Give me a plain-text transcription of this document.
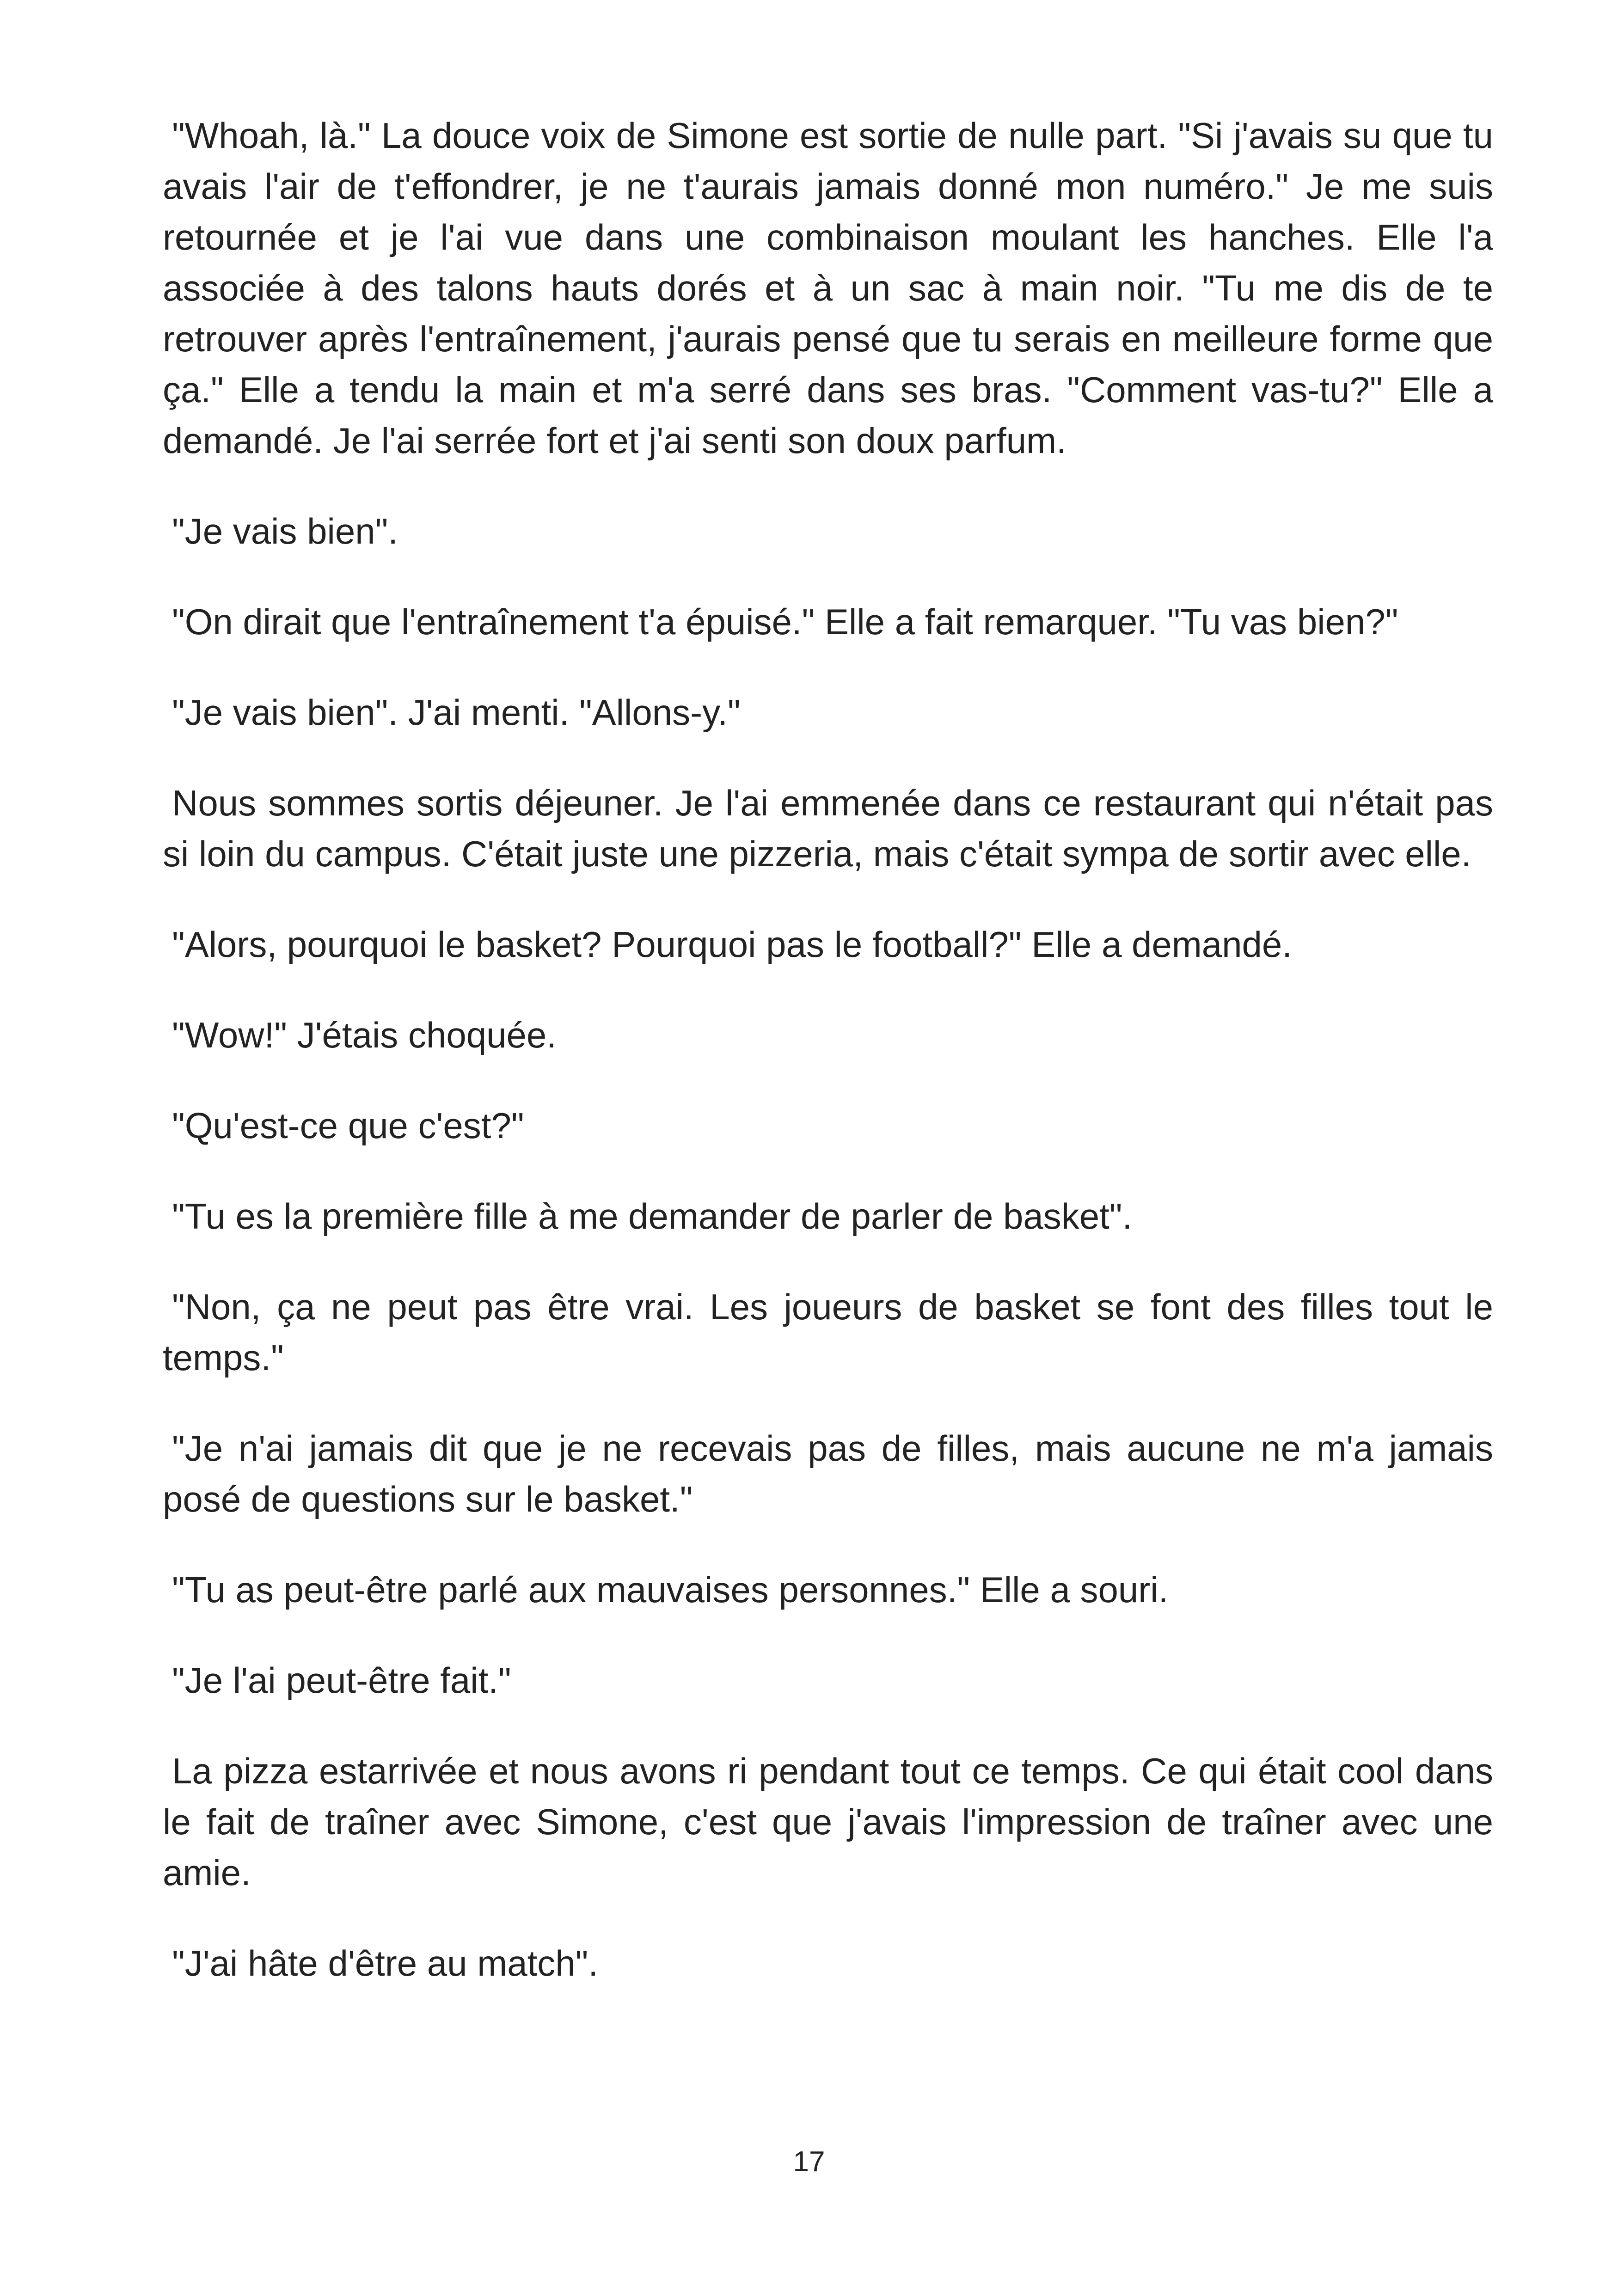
"Whoah, là." La douce voix de Simone est sortie de nulle part. "Si j'avais su que tu avais l'air de t'effondrer, je ne t'aurais jamais donné mon numéro." Je me suis retournée et je l'ai vue dans une combinaison moulant les hanches. Elle l'a associée à des talons hauts dorés et à un sac à main noir. "Tu me dis de te retrouver après l'entraînement, j'aurais pensé que tu serais en meilleure forme que ça." Elle a tendu la main et m'a serré dans ses bras. "Comment vas-tu?" Elle a demandé. Je l'ai serrée fort et j'ai senti son doux parfum.

"Je vais bien".

"On dirait que l'entraînement t'a épuisé." Elle a fait remarquer. "Tu vas bien?"

"Je vais bien". J'ai menti. "Allons-y."

Nous sommes sortis déjeuner. Je l'ai emmenée dans ce restaurant qui n'était pas si loin du campus. C'était juste une pizzeria, mais c'était sympa de sortir avec elle.

"Alors, pourquoi le basket? Pourquoi pas le football?" Elle a demandé.

"Wow!" J'étais choquée.

"Qu'est-ce que c'est?"

"Tu es la première fille à me demander de parler de basket".

"Non, ça ne peut pas être vrai. Les joueurs de basket se font des filles tout le temps."

"Je n'ai jamais dit que je ne recevais pas de filles, mais aucune ne m'a jamais posé de questions sur le basket."

"Tu as peut-être parlé aux mauvaises personnes." Elle a souri.

"Je l'ai peut-être fait."

La pizza estarrivée et nous avons ri pendant tout ce temps. Ce qui était cool dans le fait de traîner avec Simone, c'est que j'avais l'impression de traîner avec une amie.

"J'ai hâte d'être au match".

17
